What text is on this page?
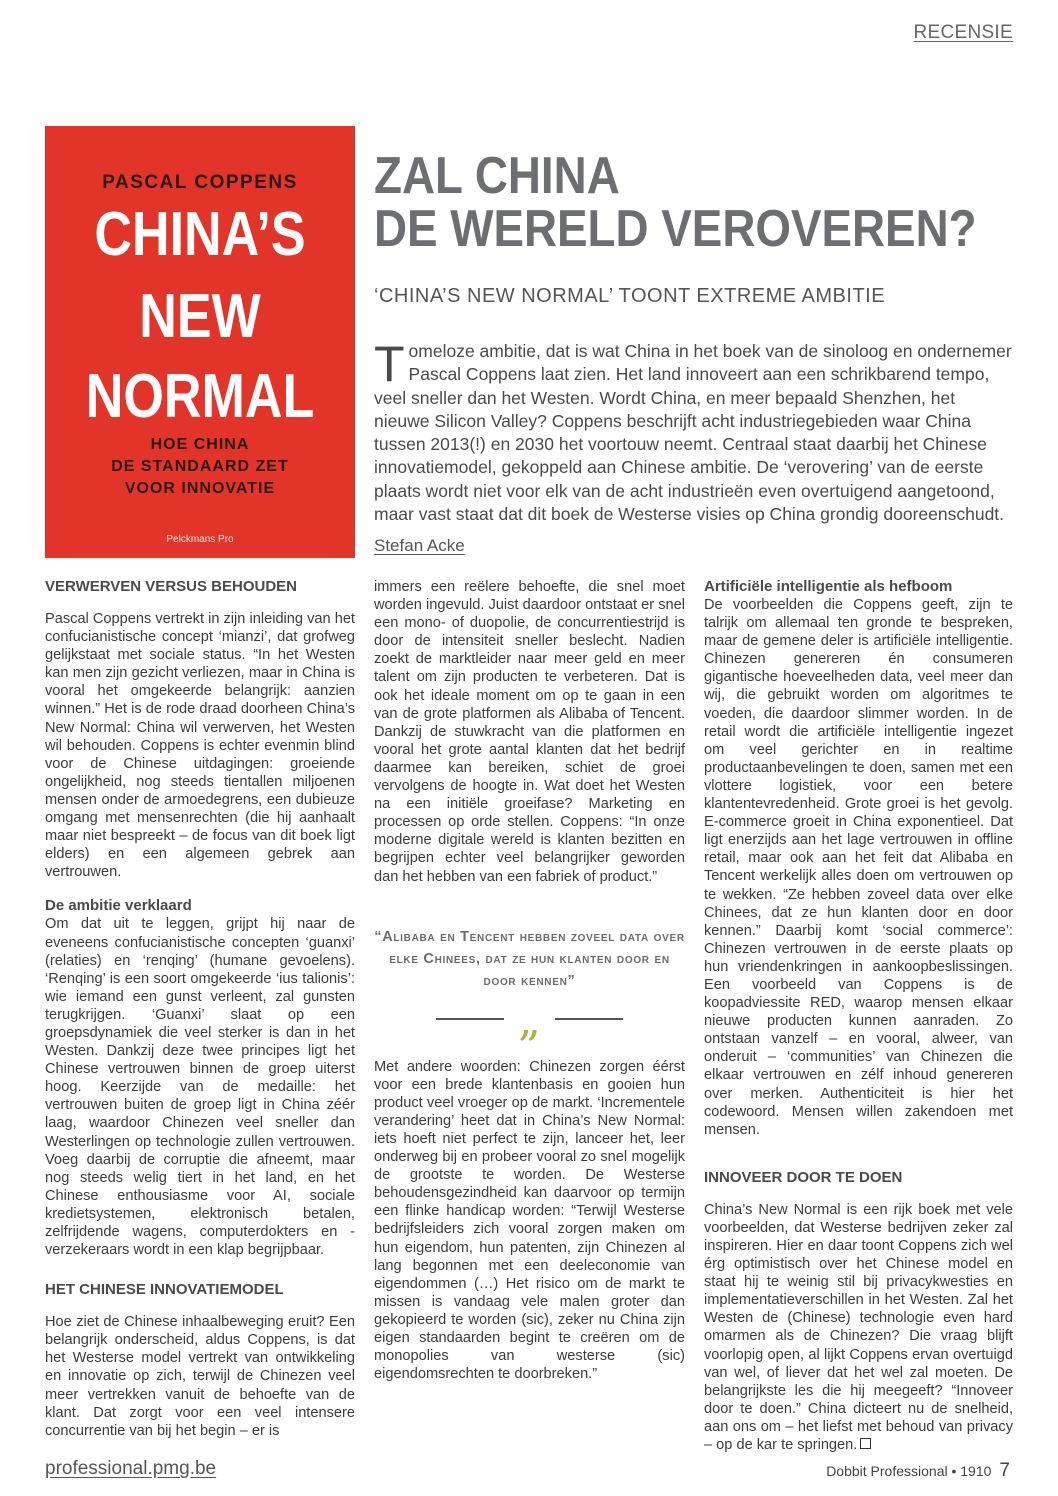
RECENSIE
PASCAL COPPENS
CHINA’S
NEW
NORMAL
HOE CHINA
DE STANDAARD ZET
VOOR INNOVATIE
Pelckmans Pro
ZAL CHINA
DE WERELD VEROVEREN?
‘CHINA’S NEW NORMAL’ TOONT EXTREME AMBITIE
Tomeloze ambitie, dat is wat China in het boek van de sinoloog en ondernemer Pascal Coppens laat zien. Het land innoveert aan een schrikbarend tempo, veel sneller dan het Westen. Wordt China, en meer bepaald Shenzhen, het nieuwe Silicon Valley? Coppens beschrijft acht industriegebieden waar China tussen 2013(!) en 2030 het voortouw neemt. Centraal staat daarbij het Chinese innovatiemodel, gekoppeld aan Chinese ambitie. De ‘verovering’ van de eerste plaats wordt niet voor elk van de acht industrieën even overtuigend aangetoond, maar vast staat dat dit boek de Westerse visies op China grondig dooreenschudt.
Stefan Acke
VERWERVEN VERSUS BEHOUDEN

Pascal Coppens vertrekt in zijn inleiding van het confucianistische concept ‘mianzi’, dat grofweg gelijkstaat met sociale status. “In het Westen kan men zijn gezicht verliezen, maar in China is vooral het omgekeerde belangrijk: aanzien winnen.” Het is de rode draad doorheen China’s New Normal: China wil verwerven, het Westen wil behouden. Coppens is echter evenmin blind voor de Chinese uitdagingen: groeiende ongelijkheid, nog steeds tientallen miljoenen mensen onder de armoedegrens, een dubieuze omgang met mensenrechten (die hij aanhaalt maar niet bespreekt – de focus van dit boek ligt elders) en een algemeen gebrek aan vertrouwen.

De ambitie verklaard

Om dat uit te leggen, grijpt hij naar de eveneens confucianistische concepten ‘guanxi’ (relaties) en ‘renqing’ (humane gevoelens). ‘Renqing’ is een soort omgekeerde ‘ius talionis’: wie iemand een gunst verleent, zal gunsten terugkrijgen. ‘Guanxi’ slaat op een groepsdynamiek die veel sterker is dan in het Westen. Dankzij deze twee principes ligt het Chinese vertrouwen binnen de groep uiterst hoog. Keerzijde van de medaille: het vertrouwen buiten de groep ligt in China zéér laag, waardoor Chinezen veel sneller dan Westerlingen op technologie zullen vertrouwen. Voeg daarbij de corruptie die afneemt, maar nog steeds welig tiert in het land, en het Chinese enthousiasme voor AI, sociale kredietsystemen, elektronisch betalen, zelfrijdende wagens, computerdokters en -verzekeraars wordt in een klap begrijpbaar.

HET CHINESE INNOVATIEMODEL

Hoe ziet de Chinese inhaalbeweging eruit? Een belangrijk onderscheid, aldus Coppens, is dat het Westerse model vertrekt van ontwikkeling en innovatie op zich, terwijl de Chinezen veel meer vertrekken vanuit de behoefte van de klant. Dat zorgt voor een veel intensere concurrentie van bij het begin – er is

immers een reëlere behoefte, die snel moet worden ingevuld. Juist daardoor ontstaat er snel een mono- of duopolie, de concurrentiestrijd is door de intensiteit sneller beslecht. Nadien zoekt de marktleider naar meer geld en meer talent om zijn producten te verbeteren. Dat is ook het ideale moment om op te gaan in een van de grote platformen als Alibaba of Tencent. Dankzij de stuwkracht van die platformen en vooral het grote aantal klanten dat het bedrijf daarmee kan bereiken, schiet de groei vervolgens de hoogte in. Wat doet het Westen na een initiële groeifase? Marketing en processen op orde stellen. Coppens: “In onze moderne digitale wereld is klanten bezitten en begrijpen echter veel belangrijker geworden dan het hebben van een fabriek of product.”

“Alibaba en Tencent hebben zoveel data over elke Chinees, dat ze hun klanten door en door kennen”
„

Met andere woorden: Chinezen zorgen éérst voor een brede klantenbasis en gooien hun product veel vroeger op de markt. ‘Incrementele verandering’ heet dat in China’s New Normal: iets hoeft niet perfect te zijn, lanceer het, leer onderweg bij en probeer vooral zo snel mogelijk de grootste te worden. De Westerse behoudensgezindheid kan daarvoor op termijn een flinke handicap worden: “Terwijl Westerse bedrijfsleiders zich vooral zorgen maken om hun eigendom, hun patenten, zijn Chinezen al lang begonnen met een deeleconomie van eigendommen (…) Het risico om de markt te missen is vandaag vele malen groter dan gekopieerd te worden (sic), zeker nu China zijn eigen standaarden begint te creëren om de monopolies van westerse (sic) eigendomsrechten te doorbreken.”

Artificiële intelligentie als hefboom

De voorbeelden die Coppens geeft, zijn te talrijk om allemaal ten gronde te bespreken, maar de gemene deler is artificiële intelligentie. Chinezen genereren én consumeren gigantische hoeveelheden data, veel meer dan wij, die gebruikt worden om algoritmes te voeden, die daardoor slimmer worden. In de retail wordt die artificiële intelligentie ingezet om veel gerichter en in realtime productaanbevelingen te doen, samen met een vlottere logistiek, voor een betere klantentevredenheid. Grote groei is het gevolg. E-commerce groeit in China exponentieel. Dat ligt enerzijds aan het lage vertrouwen in offline retail, maar ook aan het feit dat Alibaba en Tencent werkelijk alles doen om vertrouwen op te wekken. “Ze hebben zoveel data over elke Chinees, dat ze hun klanten door en door kennen.” Daarbij komt ‘social commerce’: Chinezen vertrouwen in de eerste plaats op hun vriendenkringen in aankoopbeslissingen. Een voorbeeld van Coppens is de koopadviessite RED, waarop mensen elkaar nieuwe producten kunnen aanraden. Zo ontstaan vanzelf – en vooral, alweer, van onderuit – ‘communities’ van Chinezen die elkaar vertrouwen en zélf inhoud genereren over merken. Authenticiteit is hier het codewoord. Mensen willen zakendoen met mensen.

INNOVEER DOOR TE DOEN

China’s New Normal is een rijk boek met vele voorbeelden, dat Westerse bedrijven zeker zal inspireren. Hier en daar toont Coppens zich wel érg optimistisch over het Chinese model en staat hij te weinig stil bij privacykwesties en implementatieverschillen in het Westen. Zal het Westen de (Chinese) technologie even hard omarmen als de Chinezen? Die vraag blijft voorlopig open, al lijkt Coppens ervan overtuigd van wel, of liever dat het wel zal moeten. De belangrijkste les die hij meegeeft? “Innoveer door te doen.” China dicteert nu de snelheid, aan ons om – het liefst met behoud van privacy – op de kar te springen.

professional.pmg.be	Dobbit Professional • 1910 7
